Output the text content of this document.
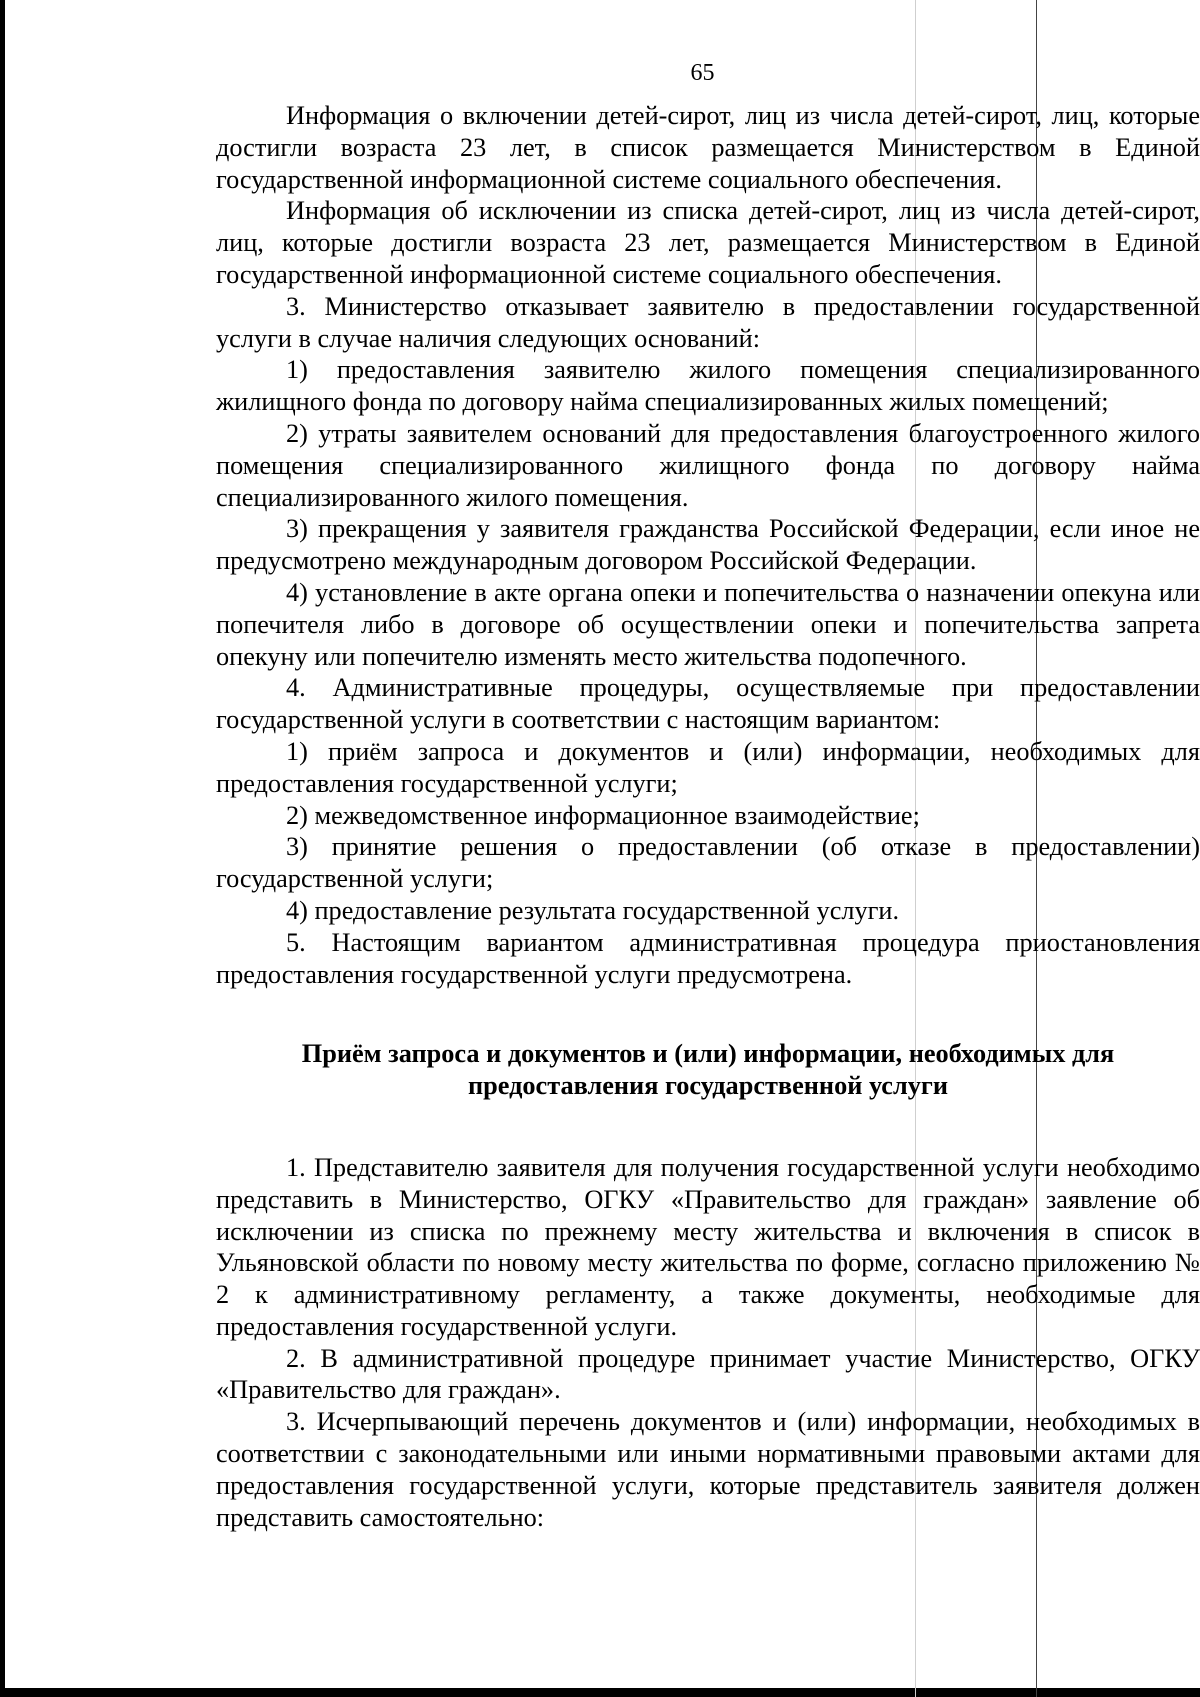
65

Информация о включении детей-сирот, лиц из числа детей-сирот, лиц, которые достигли возраста 23 лет, в список размещается Министерством в Единой государственной информационной системе социального обеспечения.

Информация об исключении из списка детей-сирот, лиц из числа детей-сирот, лиц, которые достигли возраста 23 лет, размещается Министерством в Единой государственной информационной системе социального обеспечения.

3. Министерство отказывает заявителю в предоставлении государственной услуги в случае наличия следующих оснований:

1) предоставления заявителю жилого помещения специализированного жилищного фонда по договору найма специализированных жилых помещений;

2) утраты заявителем оснований для предоставления благоустроенного жилого помещения специализированного жилищного фонда по договору найма специализированного жилого помещения.

3) прекращения у заявителя гражданства Российской Федерации, если иное не предусмотрено международным договором Российской Федерации.

4) установление в акте органа опеки и попечительства о назначении опекуна или попечителя либо в договоре об осуществлении опеки и попечительства запрета опекуну или попечителю изменять место жительства подопечного.

4. Административные процедуры, осуществляемые при предоставлении государственной услуги в соответствии с настоящим вариантом:

1) приём запроса и документов и (или) информации, необходимых для предоставления государственной услуги;

2) межведомственное информационное взаимодействие;

3) принятие решения о предоставлении (об отказе в предоставлении) государственной услуги;

4) предоставление результата государственной услуги.

5. Настоящим вариантом административная процедура приостановления предоставления государственной услуги предусмотрена.

Приём запроса и документов и (или) информации, необходимых для предоставления государственной услуги

1. Представителю заявителя для получения государственной услуги необходимо представить в Министерство, ОГКУ «Правительство для граждан» заявление об исключении из списка по прежнему месту жительства и включения в список в Ульяновской области по новому месту жительства по форме, согласно приложению № 2 к административному регламенту, а также документы, необходимые для предоставления государственной услуги.

2. В административной процедуре принимает участие Министерство, ОГКУ «Правительство для граждан».

3. Исчерпывающий перечень документов и (или) информации, необходимых в соответствии с законодательными или иными нормативными правовыми актами для предоставления государственной услуги, которые представитель заявителя должен представить самостоятельно:
